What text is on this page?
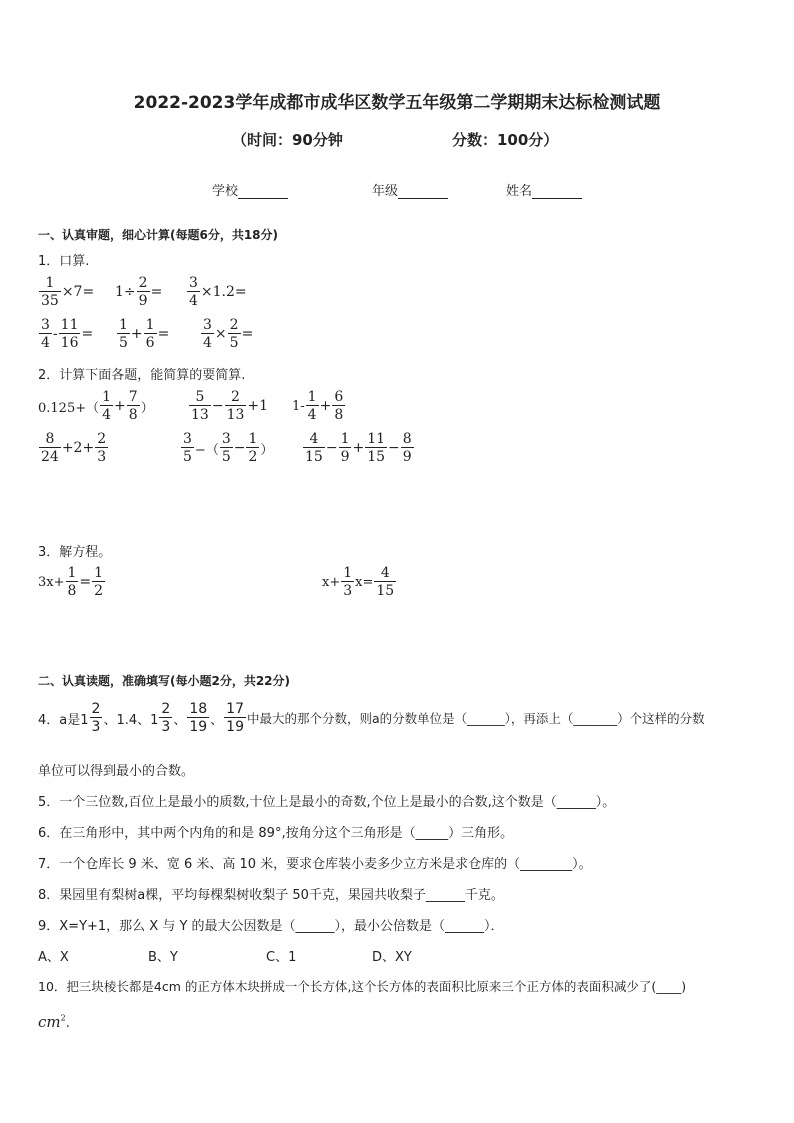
2022-2023学年成都市成华区数学五年级第二学期期末达标检测试题
（时间：90分钟	分数：100分）
学校	年级	姓名
一、认真审题，细心计算(每题6分，共18分)
1．口算.
$\frac{1}{35} \times 7= 1\div \frac{2}{9} = \frac{3}{4} \times 1.2=$
3
4
- $\frac{11}{16}$ =
1
5
+ $\frac{1}{6} = \frac{3}{4} \times \frac{2}{5}$ =
2．计算下面各题，能简算的要简算.
0.125+（
1
4
+ $\frac{7}{8}$ ）
5
13
− $\frac{2}{13} +1$ 1-
1
4
+ $\frac{6}{8}$
8
24
$+2+ \frac{2}{3}$	3
5 −（
3
5
− $\frac{1}{2}$ ）
4
15
− $\frac{1}{9} + \frac{11}{15} - \frac{8}{9}$
3．解方程。
$3x+ \frac{1}{8} = \frac{1}{2}$	$x+ \frac{1}{3} x= \frac{4}{15}$
二、认真读题，准确填写(每小题2分，共22分)
4．a是1
2
3 、1.4、1
2
3 、
18
19 、
17
19
中最大的那个分数，则a的分数单位是（______），再添上（_______）个这样的分数
单位可以得到最小的合数。
5．一个三位数,百位上是最小的质数,十位上是最小的奇数,个位上是最小的合数,这个数是（______）。
6．在三角形中，其中两个内角的和是 89°,按角分这个三角形是（_____）三角形。
7．一个仓库长 9 米、宽 6 米、高 10 米，要求仓库装小麦多少立方米是求仓库的（________）。
8．果园里有梨树a棵，平均每棵梨树收梨子 50千克，果园共收梨子______千克。
9．X=Y+1，那么 X 与 Y 的最大公因数是（______），最小公倍数是（______）．
A、X	B、Y	C、1	D、XY
10．把三块棱长都是4cm 的正方体木块拼成一个长方体,这个长方体的表面积比原来三个正方体的表面积减少了(____)
$cm^2$.
